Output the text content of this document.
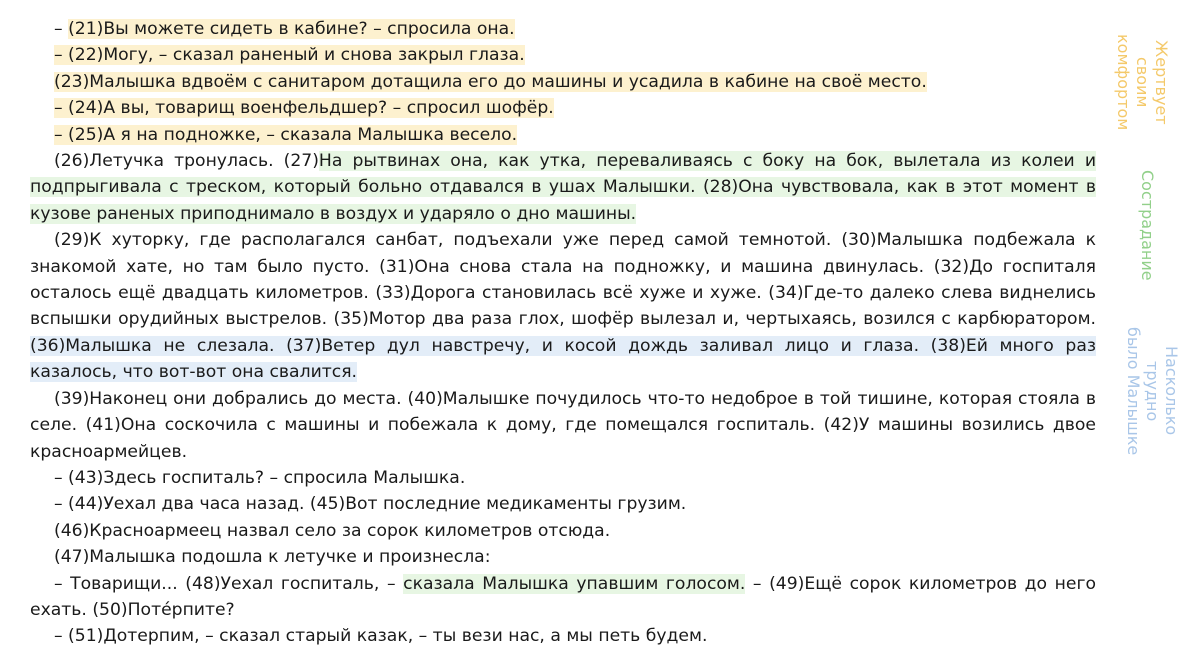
– (21)Вы можете сидеть в кабине? – спросила она.

– (22)Могу, – сказал раненый и снова закрыл глаза.

(23)Малышка вдвоём с санитаром дотащила его до машины и усадила в кабине на своё место.

– (24)А вы, товарищ военфельдшер? – спросил шофёр.

– (25)А я на подножке, – сказала Малышка весело.

(26)Летучка тронулась. (27)На рытвинах она, как утка, переваливаясь с боку на бок, вылетала из колеи и подпрыгивала с треском, который больно отдавался в ушах Малышки. (28)Она чувствовала, как в этот момент в кузове раненых приподнимало в воздух и ударяло о дно машины.

(29)К хуторку, где располагался санбат, подъехали уже перед самой темнотой. (30)Малышка подбежала к знакомой хате, но там было пусто. (31)Она снова стала на подножку, и машина двинулась. (32)До госпиталя осталось ещё двадцать километров. (33)Дорога становилась всё хуже и хуже. (34)Где-то далеко слева виднелись вспышки орудийных выстрелов. (35)Мотор два раза глох, шофёр вылезал и, чертыхаясь, возился с карбюратором. (36)Малышка не слезала. (37)Ветер дул навстречу, и косой дождь заливал лицо и глаза. (38)Ей много раз казалось, что вот-вот она свалится.

(39)Наконец они добрались до места. (40)Малышке почудилось что-то недоброе в той тишине, которая стояла в селе. (41)Она соскочила с машины и побежала к дому, где помещался госпиталь. (42)У машины возились двое красноармейцев.

– (43)Здесь госпиталь? – спросила Малышка.

– (44)Уехал два часа назад. (45)Вот последние медикаменты грузим.

(46)Красноармеец назвал село за сорок километров отсюда.

(47)Малышка подошла к летучке и произнесла:

– Товарищи... (48)Уехал госпиталь, – сказала Малышка упавшим голосом. – (49)Ещё сорок километров до него ехать. (50)Потéрпите?

– (51)Дотерпим, – сказал старый казак, – ты вези нас, а мы петь будем.

Жертвует
своим
комфортом
Сострадание
Насколько трудно
было Малышке
